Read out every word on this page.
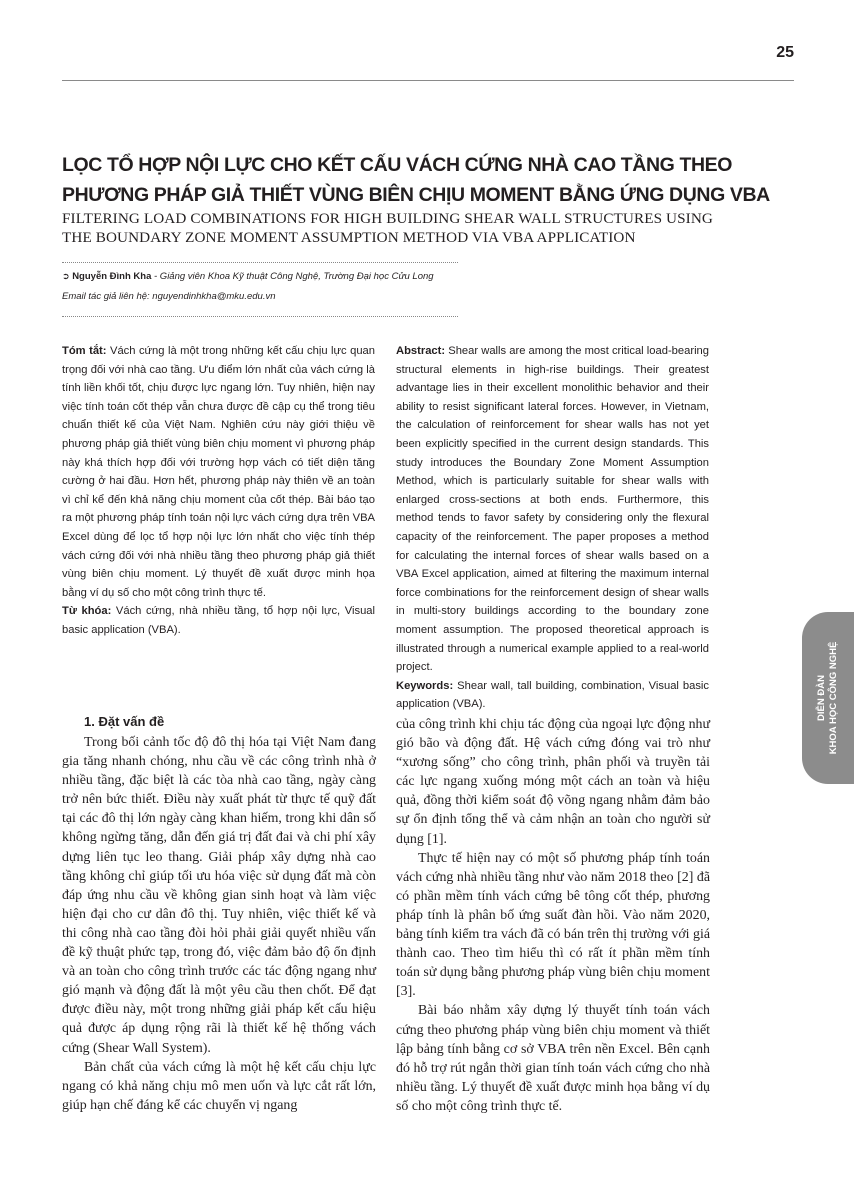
25
LỌC TỔ HỢP NỘI LỰC CHO KẾT CẤU VÁCH CỨNG NHÀ CAO TẦNG THEO
PHƯƠNG PHÁP GIẢ THIẾT VÙNG BIÊN CHỊU MOMENT BẰNG ỨNG DỤNG VBA
FILTERING LOAD COMBINATIONS FOR HIGH BUILDING SHEAR WALL STRUCTURES USING
THE BOUNDARY ZONE MOMENT ASSUMPTION METHOD VIA VBA APPLICATION
➲ Nguyễn Đình Kha - Giảng viên Khoa Kỹ thuật Công Nghệ, Trường Đại học Cửu Long
Email tác giả liên hệ: nguyendinhkha@mku.edu.vn
Tóm tắt: Vách cứng là một trong những kết cấu chịu lực quan trọng đối với nhà cao tầng. Ưu điểm lớn nhất của vách cứng là tính liền khối tốt, chịu được lực ngang lớn. Tuy nhiên, hiện nay việc tính toán cốt thép vẫn chưa được đề cập cụ thể trong tiêu chuẩn thiết kế của Việt Nam. Nghiên cứu này giới thiệu về phương pháp giả thiết vùng biên chịu moment vì phương pháp này khá thích hợp đối với trường hợp vách có tiết diện tăng cường ở hai đầu. Hơn hết, phương pháp này thiên về an toàn vì chỉ kể đến khả năng chịu moment của cốt thép. Bài báo tạo ra một phương pháp tính toán nội lực vách cứng dựa trên VBA Excel dùng để lọc tổ hợp nội lực lớn nhất cho việc tính thép vách cứng đối với nhà nhiều tầng theo phương pháp giả thiết vùng biên chịu moment. Lý thuyết đề xuất được minh họa bằng ví dụ số cho một công trình thực tế.
Từ khóa: Vách cứng, nhà nhiều tầng, tổ hợp nội lực, Visual basic application (VBA).
Abstract: Shear walls are among the most critical load-bearing structural elements in high-rise buildings. Their greatest advantage lies in their excellent monolithic behavior and their ability to resist significant lateral forces. However, in Vietnam, the calculation of reinforcement for shear walls has not yet been explicitly specified in the current design standards. This study introduces the Boundary Zone Moment Assumption Method, which is particularly suitable for shear walls with enlarged cross-sections at both ends. Furthermore, this method tends to favor safety by considering only the flexural capacity of the reinforcement. The paper proposes a method for calculating the internal forces of shear walls based on a VBA Excel application, aimed at filtering the maximum internal force combinations for the reinforcement design of shear walls in multi-story buildings according to the boundary zone moment assumption. The proposed theoretical approach is illustrated through a numerical example applied to a real-world project.
Keywords: Shear wall, tall building, combination, Visual basic application (VBA).
1. Đặt vấn đề

Trong bối cảnh tốc độ đô thị hóa tại Việt Nam đang gia tăng nhanh chóng, nhu cầu về các công trình nhà ở nhiều tầng, đặc biệt là các tòa nhà cao tầng, ngày càng trở nên bức thiết. Điều này xuất phát từ thực tế quỹ đất tại các đô thị lớn ngày càng khan hiếm, trong khi dân số không ngừng tăng, dẫn đến giá trị đất đai và chi phí xây dựng liên tục leo thang. Giải pháp xây dựng nhà cao tầng không chỉ giúp tối ưu hóa việc sử dụng đất mà còn đáp ứng nhu cầu về không gian sinh hoạt và làm việc hiện đại cho cư dân đô thị. Tuy nhiên, việc thiết kế và thi công nhà cao tầng đòi hỏi phải giải quyết nhiều vấn đề kỹ thuật phức tạp, trong đó, việc đảm bảo độ ổn định và an toàn cho công trình trước các tác động ngang như gió mạnh và động đất là một yêu cầu then chốt. Để đạt được điều này, một trong những giải pháp kết cấu hiệu quả được áp dụng rộng rãi là thiết kế hệ thống vách cứng (Shear Wall System).

Bản chất của vách cứng là một hệ kết cấu chịu lực ngang có khả năng chịu mô men uốn và lực cắt rất lớn, giúp hạn chế đáng kể các chuyển vị ngang

của công trình khi chịu tác động của ngoại lực động như gió bão và động đất. Hệ vách cứng đóng vai trò như “xương sống” cho công trình, phân phối và truyền tải các lực ngang xuống móng một cách an toàn và hiệu quả, đồng thời kiểm soát độ võng ngang nhằm đảm bảo sự ổn định tổng thể và cảm nhận an toàn cho người sử dụng [1].

Thực tế hiện nay có một số phương pháp tính toán vách cứng nhà nhiều tầng như vào năm 2018 theo [2] đã có phần mềm tính vách cứng bê tông cốt thép, phương pháp tính là phân bố ứng suất đàn hồi. Vào năm 2020, bảng tính kiểm tra vách đã có bán trên thị trường với giá thành cao. Theo tìm hiểu thì có rất ít phần mềm tính toán sử dụng bằng phương pháp vùng biên chịu moment [3].

Bài báo nhằm xây dựng lý thuyết tính toán vách cứng theo phương pháp vùng biên chịu moment và thiết lập bảng tính bằng cơ sở VBA trên nền Excel. Bên cạnh đó hỗ trợ rút ngắn thời gian tính toán vách cứng cho nhà nhiều tầng. Lý thuyết đề xuất được minh họa bằng ví dụ số cho một công trình thực tế.

DIỄN ĐÀN KHOA HỌC CÔNG NGHỆ
